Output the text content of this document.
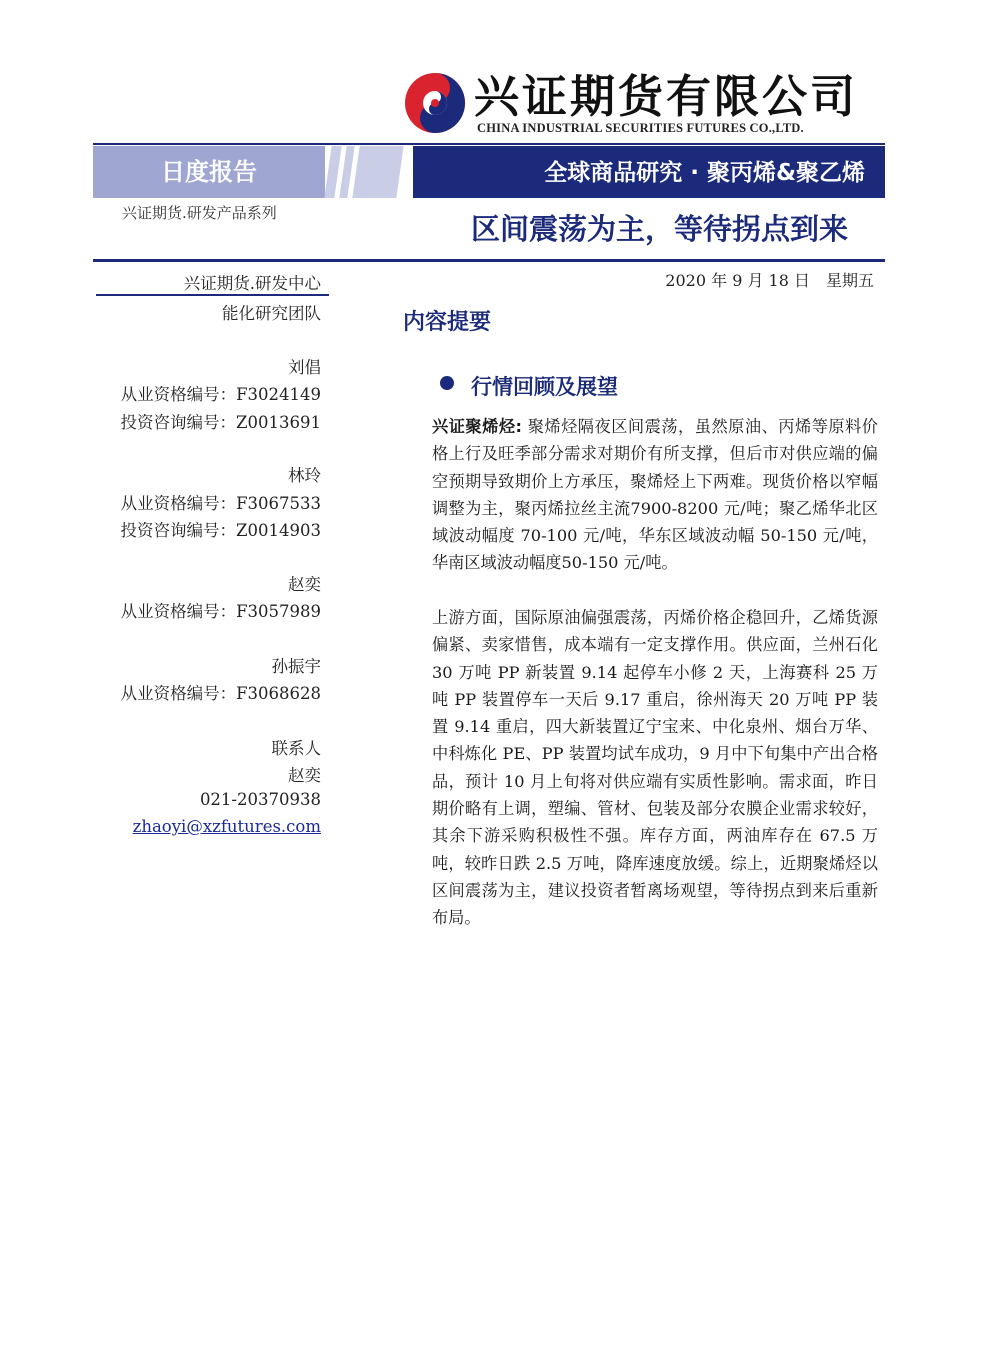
兴证期货有限公司
CHINA INDUSTRIAL SECURITIES FUTURES CO.,LTD.
日度报告	全球商品研究 · 聚丙烯&聚乙烯
兴证期货.研发产品系列	区间震荡为主，等待拐点到来
兴证期货.研发中心
能化研究团队
刘倡
从业资格编号：F3024149
投资咨询编号：Z0013691
林玲
从业资格编号：F3067533
投资咨询编号：Z0014903
赵奕
从业资格编号：F3057989
孙振宇
从业资格编号：F3068628
联系人
赵奕
021-20370938
zhaoyi@xzfutures.com
2020 年 9 月 18 日　星期五
内容提要
行情回顾及展望
兴证聚烯烃: 聚烯烃隔夜区间震荡，虽然原油、丙烯等原料价格上行及旺季部分需求对期价有所支撑，但后市对供应端的偏空预期导致期价上方承压，聚烯烃上下两难。现货价格以窄幅调整为主，聚丙烯拉丝主流7900-8200 元/吨；聚乙烯华北区域波动幅度 70-100 元/吨，华东区域波动幅 50-150 元/吨，华南区域波动幅度50-150 元/吨。
上游方面，国际原油偏强震荡，丙烯价格企稳回升，乙烯货源偏紧、卖家惜售，成本端有一定支撑作用。供应面，兰州石化 30 万吨 PP 新装置 9.14 起停车小修 2 天，上海赛科 25 万吨 PP 装置停车一天后 9.17 重启，徐州海天 20 万吨 PP 装置 9.14 重启，四大新装置辽宁宝来、中化泉州、烟台万华、中科炼化 PE、PP 装置均试车成功，9 月中下旬集中产出合格品，预计 10 月上旬将对供应端有实质性影响。需求面，昨日期价略有上调，塑编、管材、包装及部分农膜企业需求较好，其余下游采购积极性不强。库存方面，两油库存在 67.5 万吨，较昨日跌 2.5 万吨，降库速度放缓。综上，近期聚烯烃以区间震荡为主，建议投资者暂离场观望，等待拐点到来后重新布局。
